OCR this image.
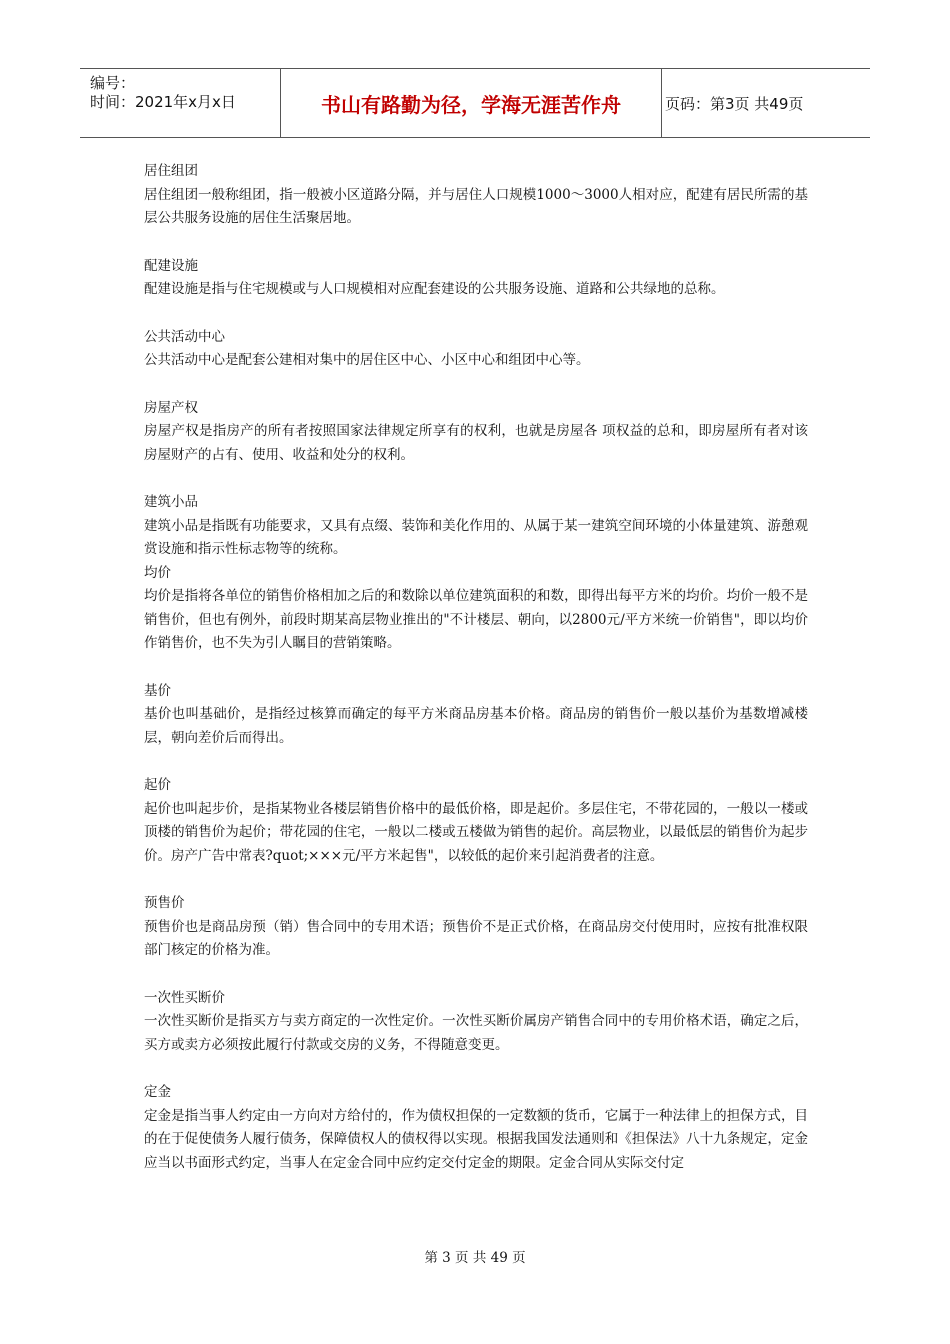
编号：
时间：2021年x月x日	书山有路勤为径，学海无涯苦作舟	页码：第3页 共49页

居住组团

居住组团一般称组团，指一般被小区道路分隔，并与居住人口规模1000～3000人相对应，配建有居民所需的基层公共服务设施的居住生活聚居地。

配建设施

配建设施是指与住宅规模或与人口规模相对应配套建设的公共服务设施、道路和公共绿地的总称。

公共活动中心

公共活动中心是配套公建相对集中的居住区中心、小区中心和组团中心等。

房屋产权

房屋产权是指房产的所有者按照国家法律规定所享有的权利，也就是房屋各 项权益的总和，即房屋所有者对该房屋财产的占有、使用、收益和处分的权利。

建筑小品

建筑小品是指既有功能要求，又具有点缀、装饰和美化作用的、从属于某一建筑空间环境的小体量建筑、游憩观赏设施和指示性标志物等的统称。

均价

均价是指将各单位的销售价格相加之后的和数除以单位建筑面积的和数，即得出每平方米的均价。均价一般不是销售价，但也有例外，前段时期某高层物业推出的"不计楼层、朝向，以2800元/平方米统一价销售"，即以均价作销售价，也不失为引人瞩目的营销策略。

基价

基价也叫基础价，是指经过核算而确定的每平方米商品房基本价格。商品房的销售价一般以基价为基数增减楼层，朝向差价后而得出。

起价

起价也叫起步价，是指某物业各楼层销售价格中的最低价格，即是起价。多层住宅，不带花园的，一般以一楼或顶楼的销售价为起价；带花园的住宅，一般以二楼或五楼做为销售的起价。高层物业，以最低层的销售价为起步价。房产广告中常表?quot;×××元/平方米起售"，以较低的起价来引起消费者的注意。

预售价

预售价也是商品房预（销）售合同中的专用术语；预售价不是正式价格，在商品房交付使用时，应按有批准权限部门核定的价格为准。

一次性买断价

一次性买断价是指买方与卖方商定的一次性定价。一次性买断价属房产销售合同中的专用价格术语，确定之后，买方或卖方必须按此履行付款或交房的义务，不得随意变更。

定金

定金是指当事人约定由一方向对方给付的，作为债权担保的一定数额的货币，它属于一种法律上的担保方式，目的在于促使债务人履行债务，保障债权人的债权得以实现。根据我国发法通则和《担保法》八十九条规定，定金应当以书面形式约定，当事人在定金合同中应约定交付定金的期限。定金合同从实际交付定

第 3 页 共 49 页
